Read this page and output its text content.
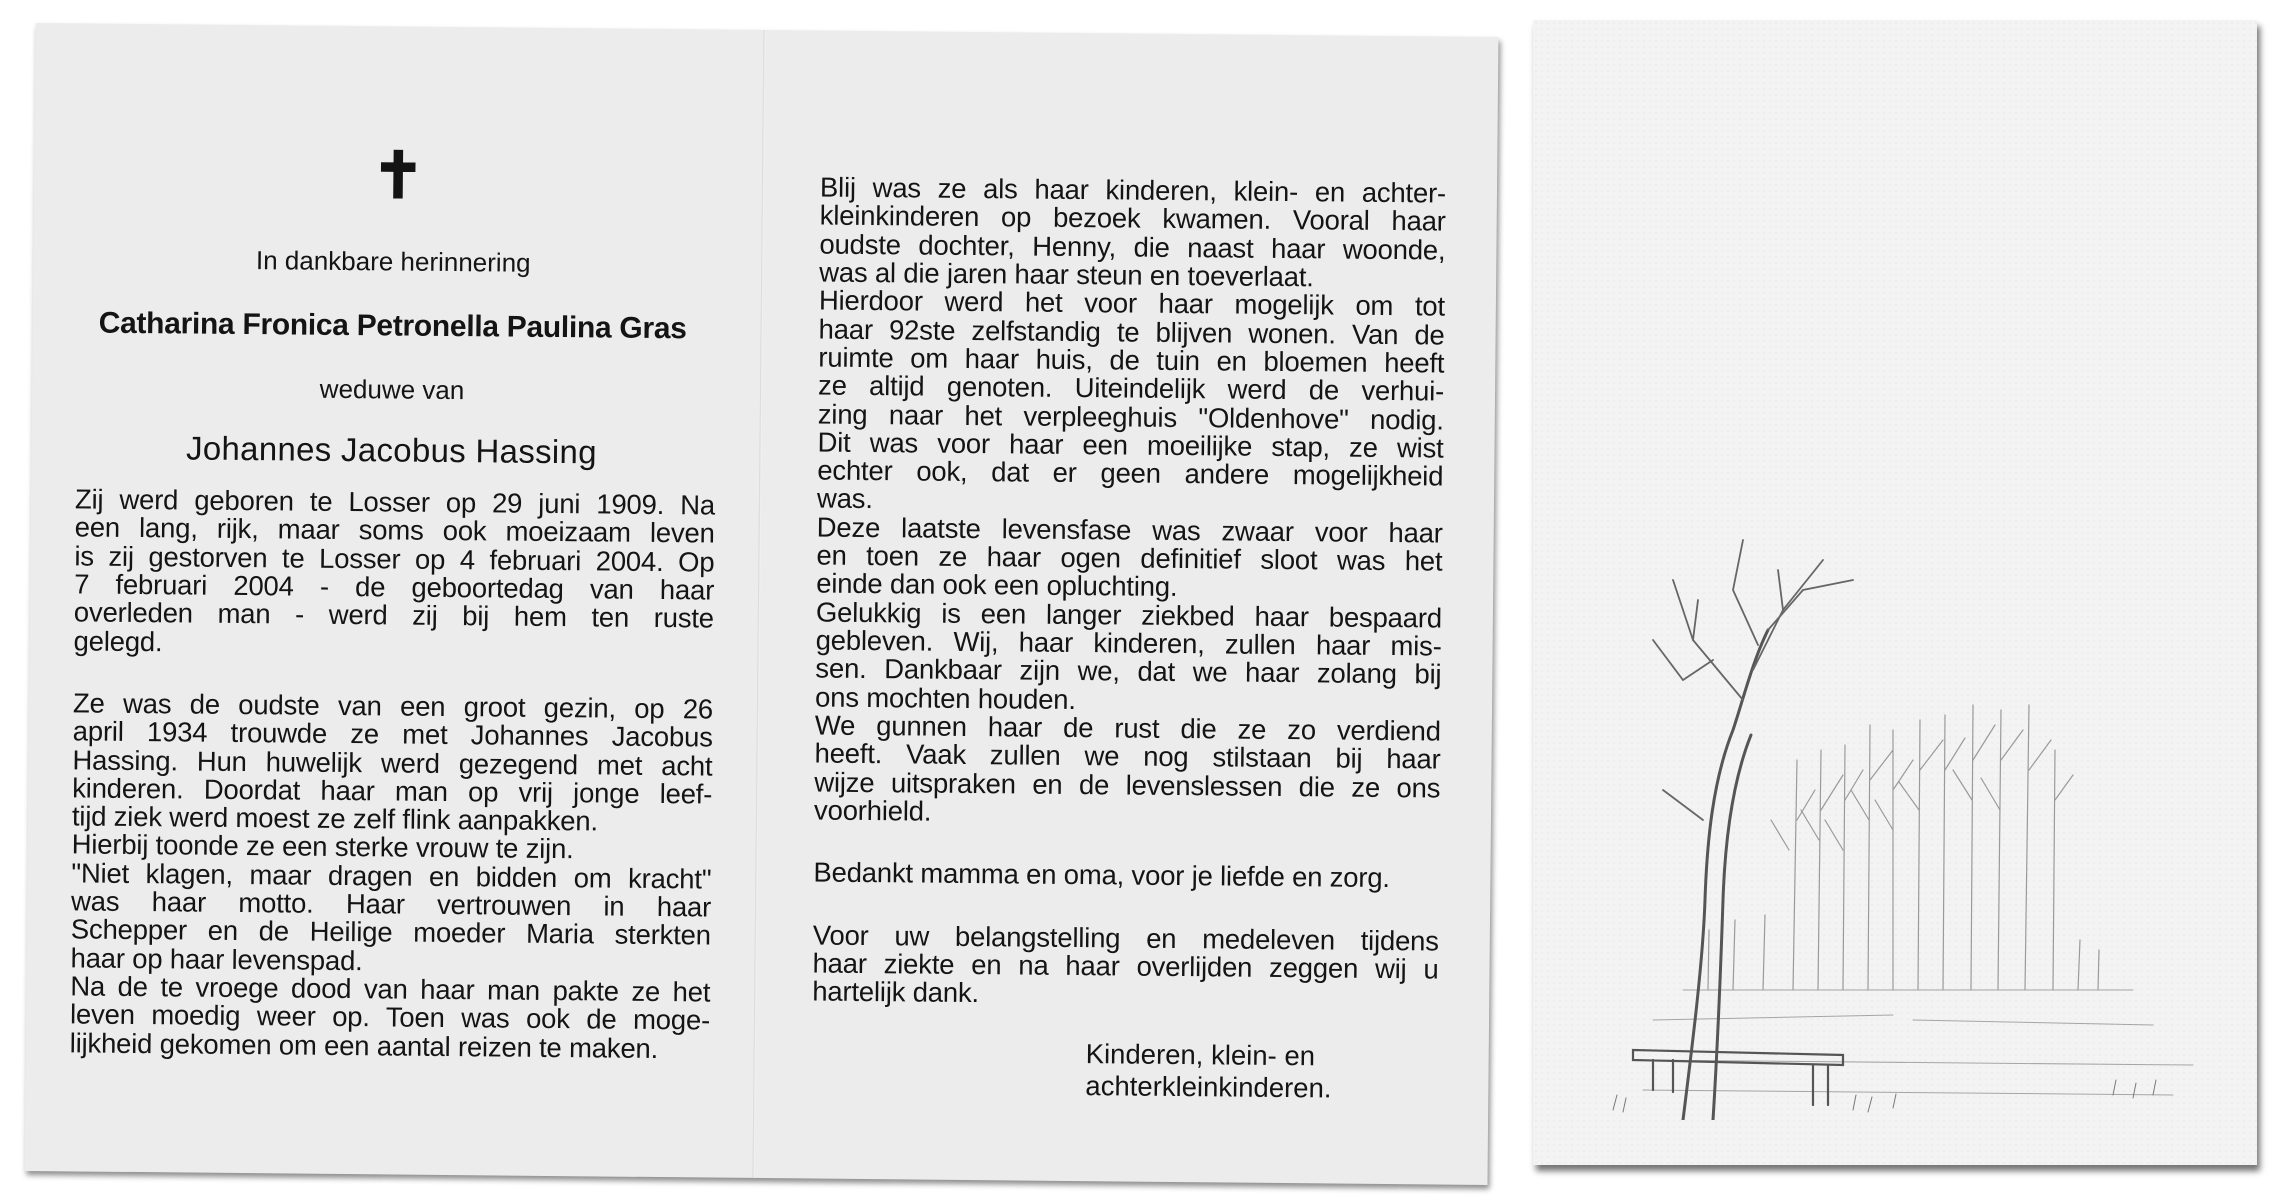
✝
In dankbare herinnering
Catharina Fronica Petronella Paulina Gras
weduwe van
Johannes Jacobus Hassing
Zij werd geboren te Losser op 29 juni 1909. Na
een lang, rijk, maar soms ook moeizaam leven
is zij gestorven te Losser op 4 februari 2004. Op
7 februari 2004 - de geboortedag van haar
overleden man - werd zij bij hem ten ruste
gelegd.
Ze was de oudste van een groot gezin, op 26
april 1934 trouwde ze met Johannes Jacobus
Hassing. Hun huwelijk werd gezegend met acht
kinderen. Doordat haar man op vrij jonge leef-
tijd ziek werd moest ze zelf flink aanpakken.
Hierbij toonde ze een sterke vrouw te zijn.
"Niet klagen, maar dragen en bidden om kracht"
was haar motto. Haar vertrouwen in haar
Schepper en de Heilige moeder Maria sterkten
haar op haar levenspad.
Na de te vroege dood van haar man pakte ze het
leven moedig weer op. Toen was ook de moge-
lijkheid gekomen om een aantal reizen te maken.
Blij was ze als haar kinderen, klein- en achter-
kleinkinderen op bezoek kwamen. Vooral haar
oudste dochter, Henny, die naast haar woonde,
was al die jaren haar steun en toeverlaat.
Hierdoor werd het voor haar mogelijk om tot
haar 92ste zelfstandig te blijven wonen. Van de
ruimte om haar huis, de tuin en bloemen heeft
ze altijd genoten. Uiteindelijk werd de verhui-
zing naar het verpleeghuis "Oldenhove" nodig.
Dit was voor haar een moeilijke stap, ze wist
echter ook, dat er geen andere mogelijkheid
was.
Deze laatste levensfase was zwaar voor haar
en toen ze haar ogen definitief sloot was het
einde dan ook een opluchting.
Gelukkig is een langer ziekbed haar bespaard
gebleven. Wij, haar kinderen, zullen haar mis-
sen. Dankbaar zijn we, dat we haar zolang bij
ons mochten houden.
We gunnen haar de rust die ze zo verdiend
heeft. Vaak zullen we nog stilstaan bij haar
wijze uitspraken en de levenslessen die ze ons
voorhield.
Bedankt mamma en oma, voor je liefde en zorg.
Voor uw belangstelling en medeleven tijdens
haar ziekte en na haar overlijden zeggen wij u
hartelijk dank.
Kinderen, klein- en
achterkleinkinderen.
